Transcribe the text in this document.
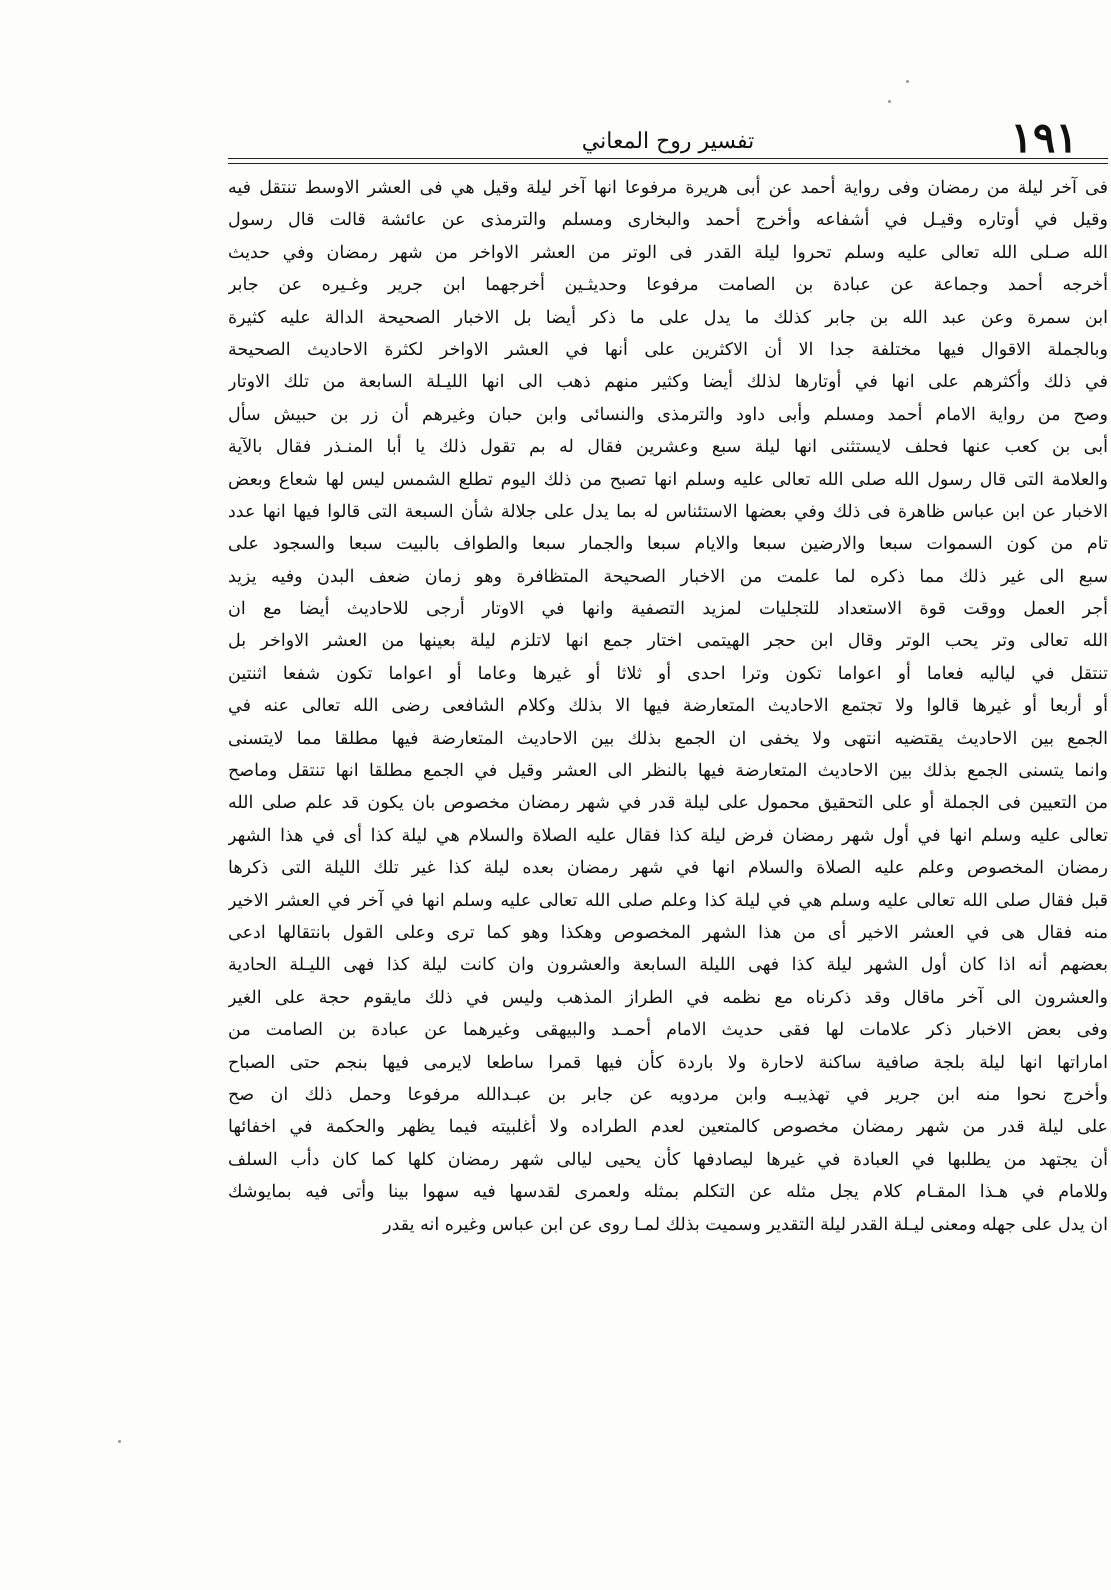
١٩١
تفسير روح المعاني
فى آخر ليلة من رمضان وفى رواية أحمد عن أبى هريرة مرفوعا انها آخر ليلة وقيل هي فى العشر الاوسط تنتقل فيه
وقيل في أوتاره وقيـل في أشفاعه وأخرج أحمد والبخارى ومسلم والترمذى عن عائشة قالت قال رسول
الله صـلى الله تعالى عليه وسلم تحروا ليلة القدر فى الوتر من العشر الاواخر من شهر رمضان وفي حديث
أخرجه أحمد وجماعة عن عبادة بن الصامت مرفوعا وحديثـين أخرجهما ابن جرير وغـيره عن جابر
ابن سمرة وعن عبد الله بن جابر كذلك ما يدل على ما ذكر أيضا بل الاخبار الصحيحة الدالة عليه كثيرة
وبالجملة الاقوال فيها مختلفة جدا الا أن الاكثرين على أنها في العشر الاواخر لكثرة الاحاديث الصحيحة
في ذلك وأكثرهم على انها في أوتارها لذلك أيضا وكثير منهم ذهب الى انها الليـلة السابعة من تلك الاوتار
وصح من رواية الامام أحمد ومسلم وأبى داود والترمذى والنسائى وابن حبان وغيرهم أن زر بن حبيش سأل
أبى بن كعب عنها فحلف لايستثنى انها ليلة سبع وعشرين فقال له بم تقول ذلك يا أبا المنـذر فقال بالآية
والعلامة التى قال رسول الله صلى الله تعالى عليه وسلم انها تصبح من ذلك اليوم تطلع الشمس ليس لها شعاع وبعض
الاخبار عن ابن عباس ظاهرة فى ذلك وفي بعضها الاستئناس له بما يدل على جلالة شأن السبعة التى قالوا فيها انها عدد
تام من كون السموات سبعا والارضين سبعا والايام سبعا والجمار سبعا والطواف بالبيت سبعا والسجود على
سبع الى غير ذلك مما ذكره لما علمت من الاخبار الصحيحة المتظافرة وهو زمان ضعف البدن وفيه يزيد
أجر العمل ووقت قوة الاستعداد للتجليات لمزيد التصفية وانها في الاوتار أرجى للاحاديث أيضا مع ان
الله تعالى وتر يحب الوتر وقال ابن حجر الهيتمى اختار جمع انها لاتلزم ليلة بعينها من العشر الاواخر بل
تنتقل في لياليه فعاما أو اعواما تكون وترا احدى أو ثلاثا أو غيرها وعاما أو اعواما تكون شفعا اثنتين
أو أربعا أو غيرها قالوا ولا تجتمع الاحاديث المتعارضة فيها الا بذلك وكلام الشافعى رضى الله تعالى عنه في
الجمع بين الاحاديث يقتضيه انتهى ولا يخفى ان الجمع بذلك بين الاحاديث المتعارضة فيها مطلقا مما لايتسنى
وانما يتسنى الجمع بذلك بين الاحاديث المتعارضة فيها بالنظر الى العشر وقيل في الجمع مطلقا انها تنتقل وماصح
من التعيين فى الجملة أو على التحقيق محمول على ليلة قدر في شهر رمضان مخصوص بان يكون قد علم صلى الله
تعالى عليه وسلم انها في أول شهر رمضان فرض ليلة كذا فقال عليه الصلاة والسلام هي ليلة كذا أى في هذا الشهر
رمضان المخصوص وعلم عليه الصلاة والسلام انها في شهر رمضان بعده ليلة كذا غير تلك الليلة التى ذكرها
قبل فقال صلى الله تعالى عليه وسلم هي في ليلة كذا وعلم صلى الله تعالى عليه وسلم انها في آخر في العشر الاخير
منه فقال هى في العشر الاخير أى من هذا الشهر المخصوص وهكذا وهو كما ترى وعلى القول بانتقالها ادعى
بعضهم أنه اذا كان أول الشهر ليلة كذا فهى الليلة السابعة والعشرون وان كانت ليلة كذا فهى الليـلة الحادية
والعشرون الى آخر ماقال وقد ذكرناه مع نظمه في الطراز المذهب وليس في ذلك مايقوم حجة على الغير
وفى بعض الاخبار ذكر علامات لها فقى حديث الامام أحمـد والبيهقى وغيرهما عن عبادة بن الصامت من
اماراتها انها ليلة بلجة صافية ساكنة لاحارة ولا باردة كأن فيها قمرا ساطعا لايرمى فيها بنجم حتى الصباح
وأخرج نحوا منه ابن جرير في تهذيبـه وابن مردويه عن جابر بن عبـدالله مرفوعا وحمل ذلك ان صح
على ليلة قدر من شهر رمضان مخصوص كالمتعين لعدم الطراده ولا أغلبيته فيما يظهر والحكمة في اخفائها
أن يجتهد من يطلبها في العبادة في غيرها ليصادفها كأن يحيى ليالى شهر رمضان كلها كما كان دأب السلف
وللامام في هـذا المقـام كلام يجل مثله عن التكلم بمثله ولعمرى لقدسها فيه سهوا بينا وأتى فيه بمايوشك
ان يدل على جهله ومعنى ليـلة القدر ليلة التقدير وسميت بذلك لمـا روى عن ابن عباس وغيره انه يقدر
